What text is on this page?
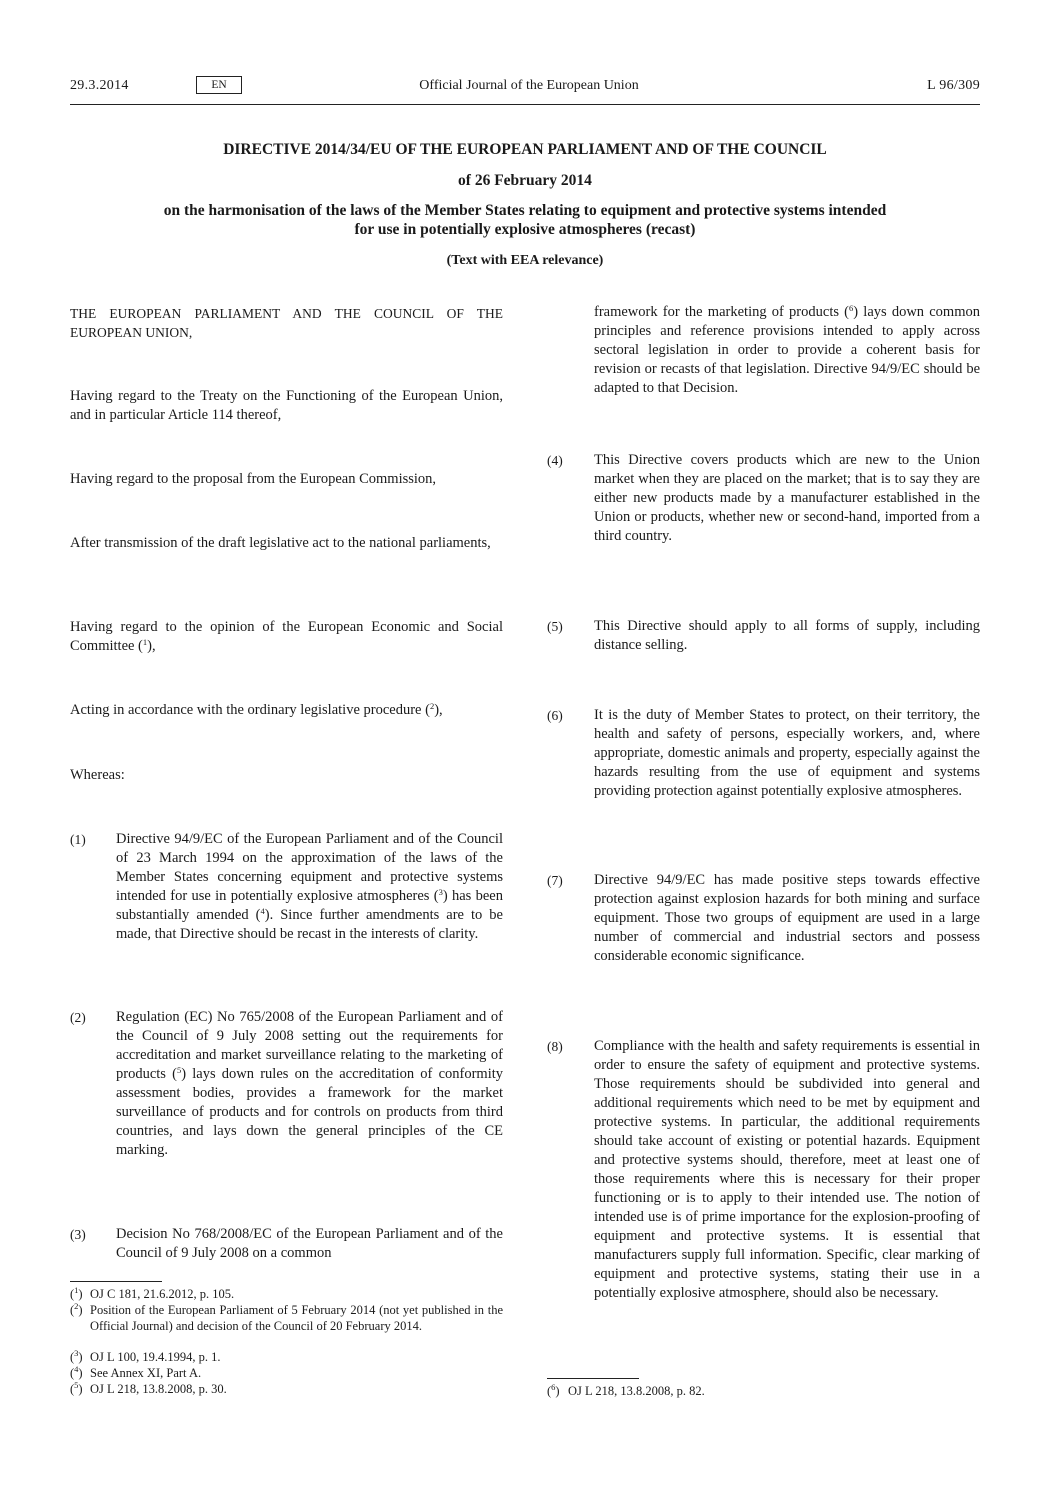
29.3.2014	EN	Official Journal of the European Union	L 96/309
DIRECTIVE 2014/34/EU OF THE EUROPEAN PARLIAMENT AND OF THE COUNCIL
of 26 February 2014
on the harmonisation of the laws of the Member States relating to equipment and protective systems intended for use in potentially explosive atmospheres (recast)
(Text with EEA relevance)
THE EUROPEAN PARLIAMENT AND THE COUNCIL OF THE EUROPEAN UNION,
Having regard to the Treaty on the Functioning of the European Union, and in particular Article 114 thereof,
Having regard to the proposal from the European Commission,
After transmission of the draft legislative act to the national parliaments,
Having regard to the opinion of the European Economic and Social Committee ($^1$),
Acting in accordance with the ordinary legislative procedure ($^2$),
Whereas:
(1) Directive 94/9/EC of the European Parliament and of the Council of 23 March 1994 on the approximation of the laws of the Member States concerning equipment and protective systems intended for use in potentially explosive atmospheres ($^3$) has been substantially amended ($^4$). Since further amendments are to be made, that Directive should be recast in the interests of clarity.
(2) Regulation (EC) No 765/2008 of the European Parliament and of the Council of 9 July 2008 setting out the requirements for accreditation and market surveillance relating to the marketing of products ($^5$) lays down rules on the accreditation of conformity assessment bodies, provides a framework for the market surveillance of products and for controls on products from third countries, and lays down the general principles of the CE marking.
(3) Decision No 768/2008/EC of the European Parliament and of the Council of 9 July 2008 on a common
($^1$) OJ C 181, 21.6.2012, p. 105.
($^2$) Position of the European Parliament of 5 February 2014 (not yet published in the Official Journal) and decision of the Council of 20 February 2014.
($^3$) OJ L 100, 19.4.1994, p. 1.
($^4$) See Annex XI, Part A.
($^5$) OJ L 218, 13.8.2008, p. 30.
framework for the marketing of products ($^6$) lays down common principles and reference provisions intended to apply across sectoral legislation in order to provide a coherent basis for revision or recasts of that legislation. Directive 94/9/EC should be adapted to that Decision.
(4) This Directive covers products which are new to the Union market when they are placed on the market; that is to say they are either new products made by a manufacturer established in the Union or products, whether new or second-hand, imported from a third country.
(5) This Directive should apply to all forms of supply, including distance selling.
(6) It is the duty of Member States to protect, on their territory, the health and safety of persons, especially workers, and, where appropriate, domestic animals and property, especially against the hazards resulting from the use of equipment and systems providing protection against potentially explosive atmospheres.
(7) Directive 94/9/EC has made positive steps towards effective protection against explosion hazards for both mining and surface equipment. Those two groups of equipment are used in a large number of commercial and industrial sectors and possess considerable economic significance.
(8) Compliance with the health and safety requirements is essential in order to ensure the safety of equipment and protective systems. Those requirements should be subdivided into general and additional requirements which need to be met by equipment and protective systems. In particular, the additional requirements should take account of existing or potential hazards. Equipment and protective systems should, therefore, meet at least one of those requirements where this is necessary for their proper functioning or is to apply to their intended use. The notion of intended use is of prime importance for the explosion-proofing of equipment and protective systems. It is essential that manufacturers supply full information. Specific, clear marking of equipment and protective systems, stating their use in a potentially explosive atmosphere, should also be necessary.
($^6$) OJ L 218, 13.8.2008, p. 82.
